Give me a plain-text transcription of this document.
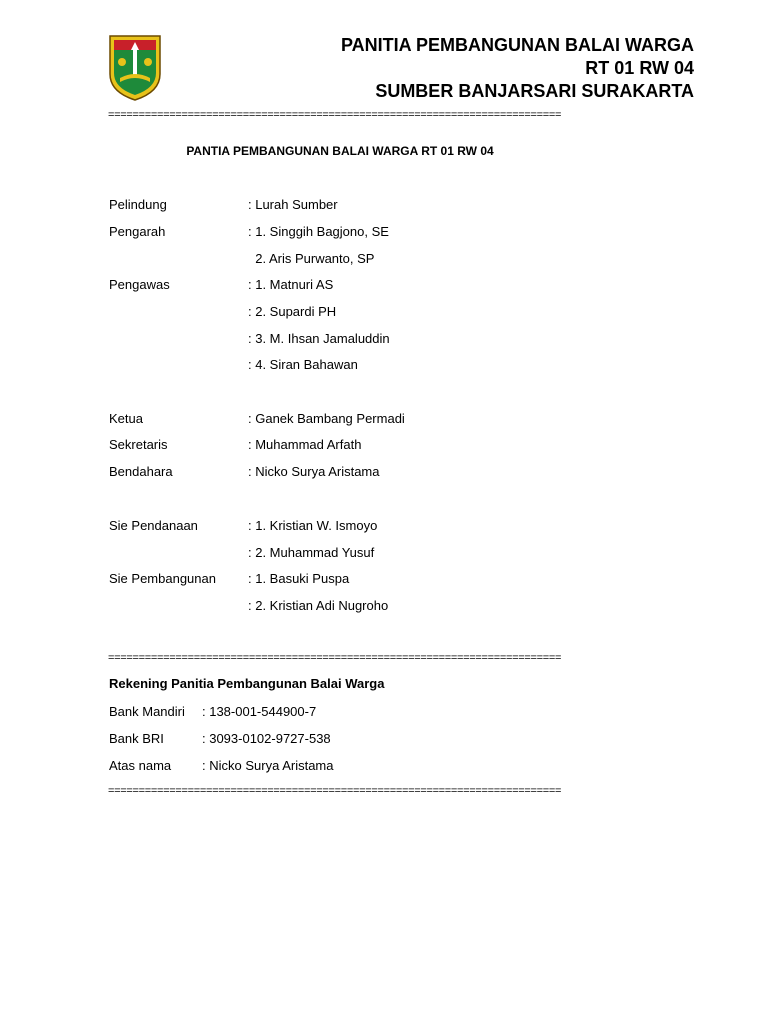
PANITIA PEMBANGUNAN BALAI WARGA
RT 01 RW 04
SUMBER BANJARSARI SURAKARTA
==========================================================================
PANTIA PEMBANGUNAN BALAI WARGA RT 01 RW 04
Pelindung	: Lurah Sumber
Pengarah	: 1. Singgih Bagjono, SE
2. Aris Purwanto, SP
Pengawas	: 1. Matnuri AS
: 2. Supardi PH
: 3. M. Ihsan Jamaluddin
: 4. Siran Bahawan
Ketua	: Ganek Bambang Permadi
Sekretaris	: Muhammad Arfath
Bendahara	: Nicko Surya Aristama
Sie Pendanaan	: 1. Kristian W. Ismoyo
: 2. Muhammad Yusuf
Sie Pembangunan : 1. Basuki Puspa
: 2. Kristian Adi Nugroho
==========================================================================
Rekening Panitia Pembangunan Balai Warga
Bank Mandiri : 138-001-544900-7
Bank BRI	: 3093-0102-9727-538
Atas nama : Nicko Surya Aristama
==========================================================================
